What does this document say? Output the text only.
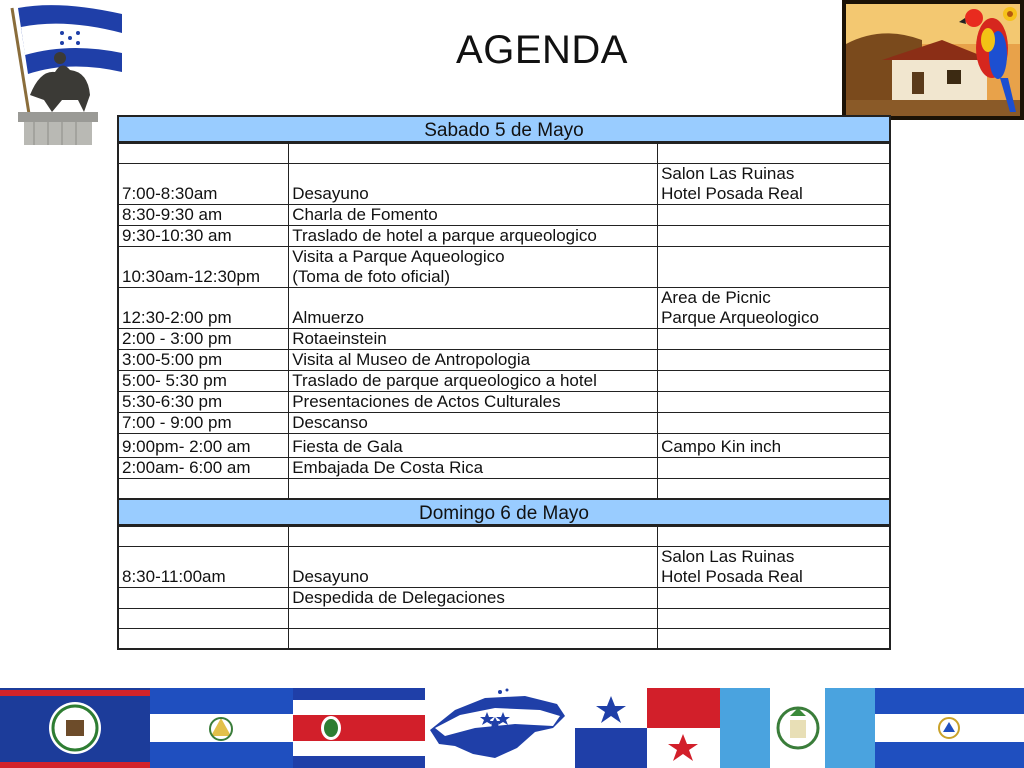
AGENDA
Sabado 5 de Mayo		

7:00-8:30am	Desayuno	Salon Las Ruinas
Hotel Posada Real
8:30-9:30 am	Charla de Fomento	
9:30-10:30 am	Traslado de hotel a parque arqueologico	
10:30am-12:30pm	Visita a Parque Aqueologico
(Toma de foto oficial)	
12:30-2:00 pm	Almuerzo	Area de Picnic
Parque Arqueologico
2:00 - 3:00 pm	Rotaeinstein	
3:00-5:00 pm	Visita al Museo de Antropologia	
5:00- 5:30 pm	Traslado de parque arqueologico a hotel	
5:30-6:30 pm	Presentaciones de Actos Culturales	
7:00 - 9:00 pm	Descanso	
9:00pm- 2:00 am	Fiesta de Gala	Campo Kin inch
2:00am- 6:00 am	Embajada De Costa Rica	

Domingo 6 de Mayo		

8:30-11:00am	Desayuno	Salon Las Ruinas
Hotel Posada Real
	Despedida de Delegaciones	
